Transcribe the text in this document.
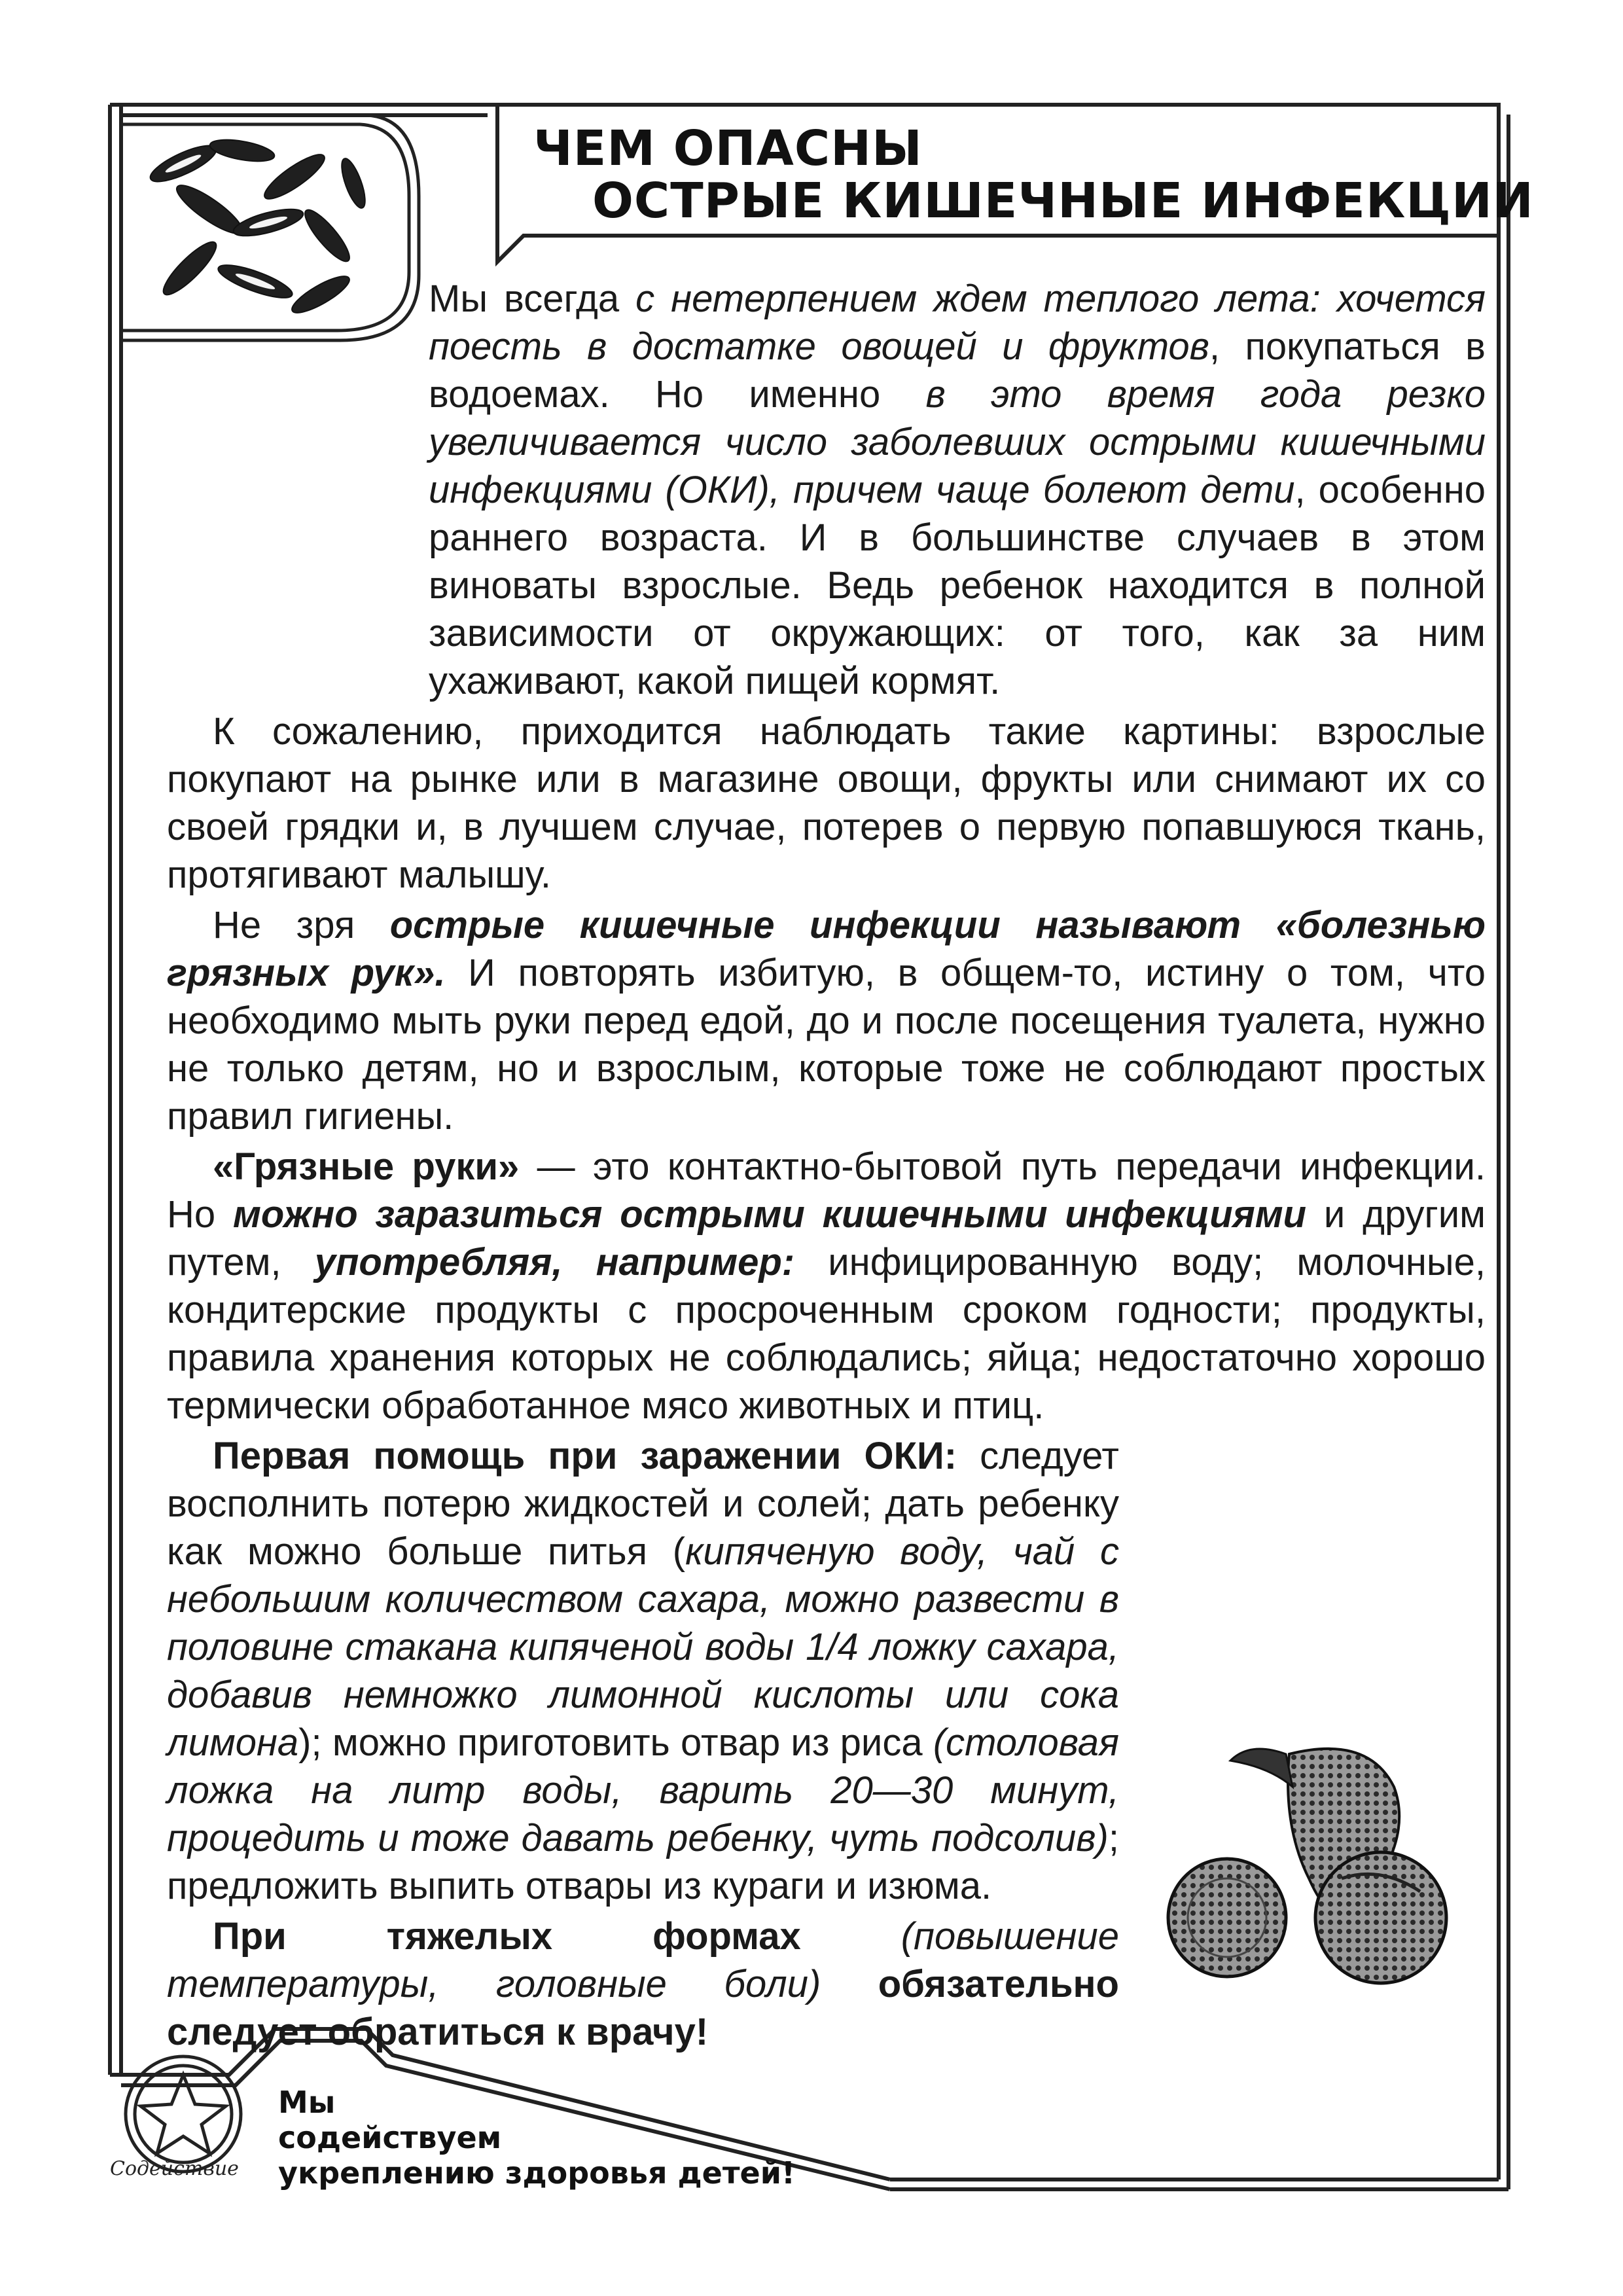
ЧЕМ ОПАСНЫ
ОСТРЫЕ КИШЕЧНЫЕ ИНФЕКЦИИ

Мы всегда с нетерпением ждем теплого лета: хочется поесть в достатке овощей и фруктов, покупаться в водоемах. Но именно в это время года резко увеличивается число заболевших острыми кишечными инфекциями (ОКИ), причем чаще болеют дети, особенно раннего возраста. И в большинстве случаев в этом виноваты взрослые. Ведь ребенок находится в полной зависимости от окружающих: от того, как за ним ухаживают, какой пищей кормят.

К сожалению, приходится наблюдать такие картины: взрослые покупают на рынке или в магазине овощи, фрукты или снимают их со своей грядки и, в лучшем случае, потерев о первую попавшуюся ткань, протягивают малышу.

Не зря острые кишечные инфекции называют «болезнью грязных рук». И повторять избитую, в общем-то, истину о том, что необходимо мыть руки перед едой, до и после посещения туалета, нужно не только детям, но и взрослым, которые тоже не соблюдают простых правил гигиены.

«Грязные руки» — это контактно-бытовой путь передачи инфекции. Но можно заразиться острыми кишечными инфекциями и другим путем, употребляя, например: инфицированную воду; молочные, кондитерские продукты с просроченным сроком годности; продукты, правила хранения которых не соблюдались; яйца; недостаточно хорошо термически обработанное мясо животных и птиц.

Первая помощь при заражении ОКИ: следует восполнить потерю жидкостей и солей; дать ребенку как можно больше питья (кипяченую воду, чай с небольшим количеством сахара, можно развести в половине стакана кипяченой воды 1/4 ложку сахара, добавив немножко лимонной кислоты или сока лимона); можно приготовить отвар из риса (столовая ложка на литр воды, варить 20—30 минут, процедить и тоже давать ребенку, чуть подсолив); предложить выпить отвары из кураги и изюма.

При тяжелых формах (повышение температуры, головные боли) обязательно следует обратиться к врачу!

Содействие
Мы
содействуем
укреплению здоровья детей!
